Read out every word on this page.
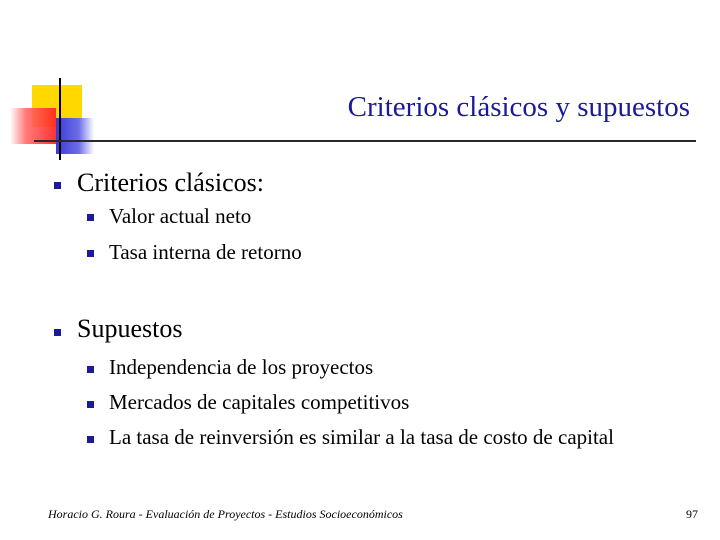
Criterios clásicos y supuestos
Criterios clásicos:
Valor actual neto
Tasa interna de retorno
Supuestos
Independencia de los proyectos
Mercados de capitales competitivos
La tasa de reinversión es similar a la tasa de costo de capital
Horacio G. Roura - Evaluación de Proyectos - Estudios Socioeconómicos	97
